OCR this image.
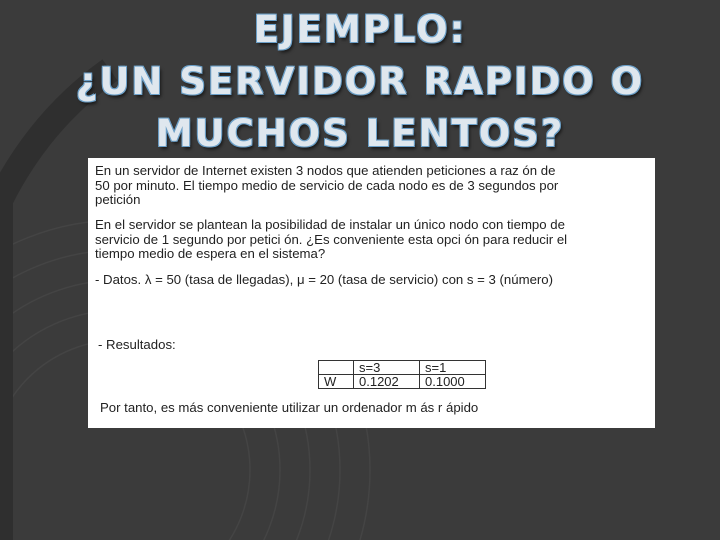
EJEMPLO:
¿UN SERVIDOR RAPIDO O
MUCHOS LENTOS?
En un servidor de Internet existen 3 nodos que atienden peticiones a raz ón de
50 por minuto. El tiempo medio de servicio de cada nodo es de 3 segundos por
petición
En el servidor se plantean la posibilidad de instalar un único nodo con tiempo de
servicio de 1 segundo por petici ón. ¿Es conveniente esta opci ón para reducir el
tiempo medio de espera en el sistema?
- Datos. λ = 50 (tasa de llegadas), μ = 20 (tasa de servicio) con s = 3 (número)
- Resultados:
	s=3	s=1
W	0.1202	0.1000
Por tanto, es más conveniente utilizar un ordenador m ás r ápido
